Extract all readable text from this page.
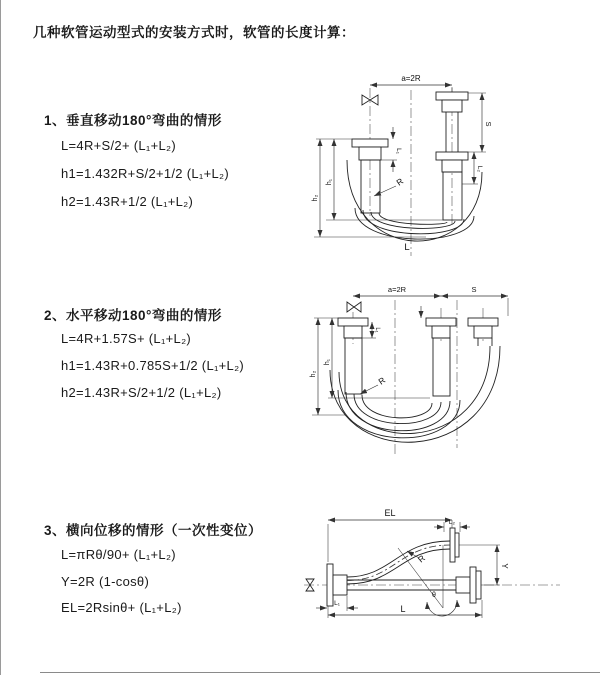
几种软管运动型式的安装方式时，软管的长度计算：
1、垂直移动180°弯曲的情形
L=4R+S/2+ (L₁+L₂)
h1=1.432R+S/2+1/2 (L₁+L₂)
h2=1.43R+1/2 (L₁+L₂)
2、水平移动180°弯曲的情形
L=4R+1.57S+ (L₁+L₂)
h1=1.43R+0.785S+1/2 (L₁+L₂)
h2=1.43R+S/2+1/2 (L₁+L₂)
3、横向位移的情形（一次性变位）
L=πRθ/90+ (L₁+L₂)
Y=2R (1-cosθ)
EL=2Rsinθ+ (L₁+L₂)
a=2R
L₁
S
L₂
h₁
h₂
R
L
a=2R	S
L₁
h₁
h₂
R
EL
L₂
Y
θ
R
L₁
L
